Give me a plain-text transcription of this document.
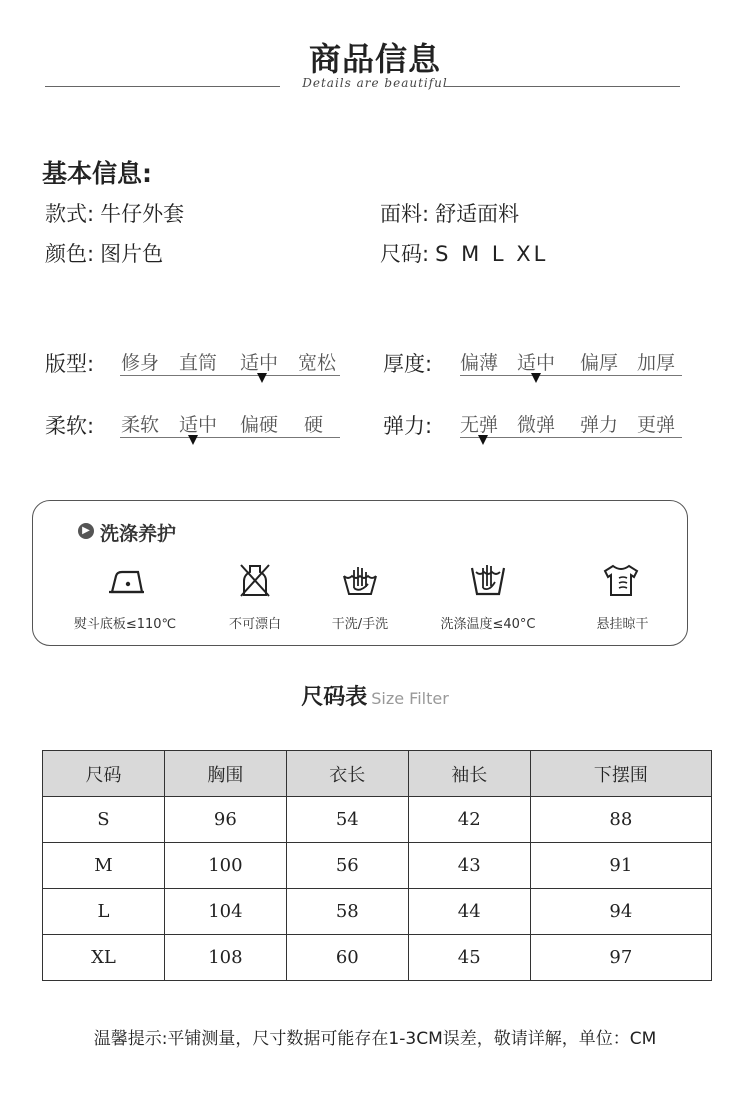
商品信息
Details are beautiful
基本信息:
款式: 牛仔外套	面料: 舒适面料
颜色: 图片色	尺码: S M L XL
版型: 修身 直筒 适中 宽松 厚度: 偏薄 适中 偏厚 加厚
柔软: 柔软 适中 偏硬 硬	弹力: 无弹 微弹 弹力 更弹
▶ 洗涤养护
熨斗底板≤110℃	不可漂白	干洗/手洗	洗涤温度≤40°C	悬挂晾干
尺码表 Size Filter
尺码	胸围	衣长	袖长	下摆围
S	96	54	42	88
M	100	56	43	91
L	104	58	44	94
XL	108	60	45	97
温馨提示:平铺测量，尺寸数据可能存在1-3CM误差，敬请详解，单位：CM
